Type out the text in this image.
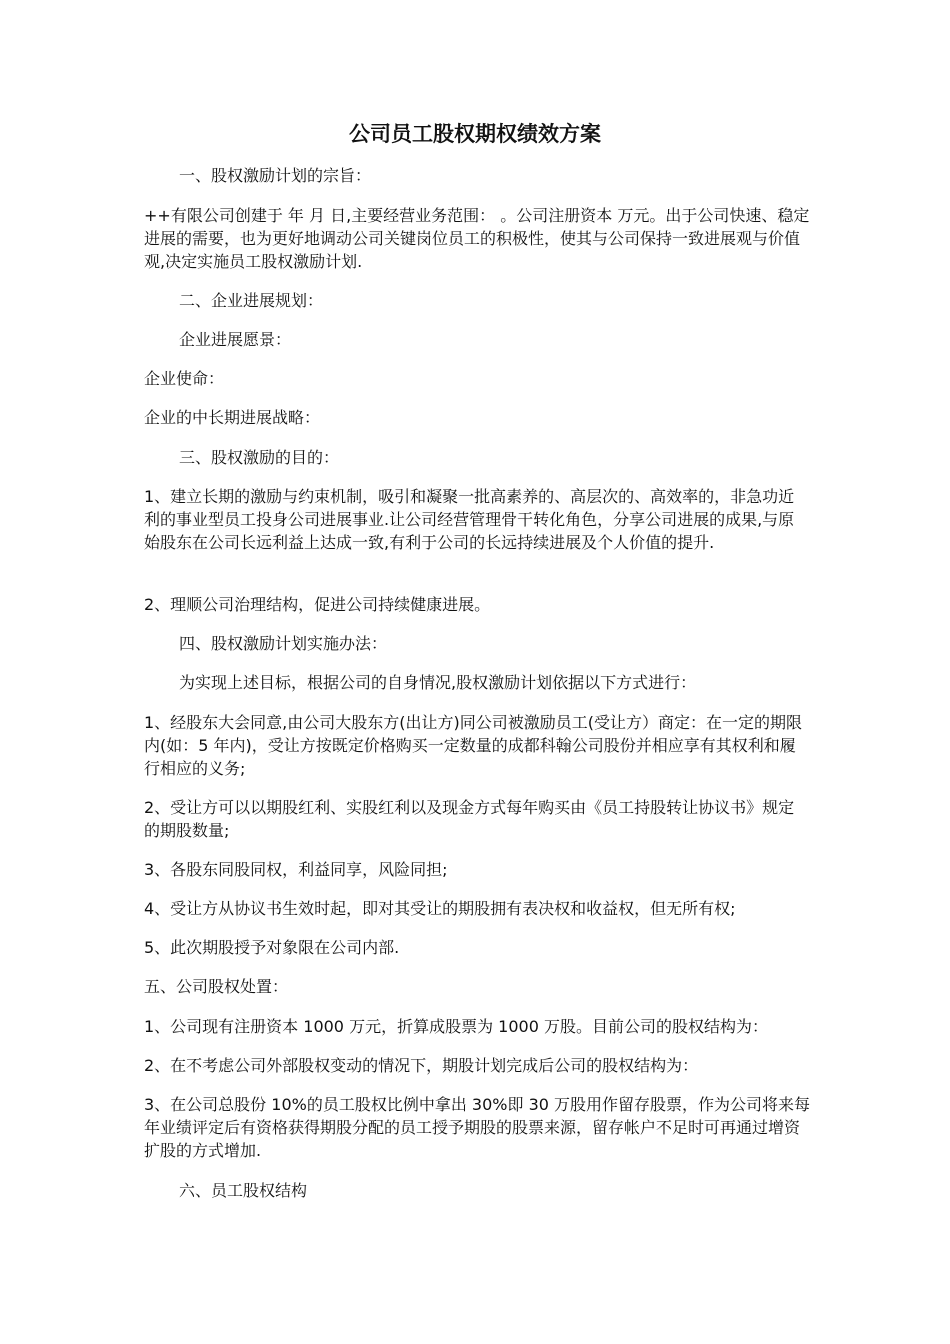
公司员工股权期权绩效方案

一、股权激励计划的宗旨：

++有限公司创建于 年 月 日,主要经营业务范围： 。公司注册资本 万元。出于公司快速、稳定进展的需要，也为更好地调动公司关键岗位员工的积极性，使其与公司保持一致进展观与价值观,决定实施员工股权激励计划.

二、企业进展规划：

企业进展愿景：

企业使命：

企业的中长期进展战略：

三、股权激励的目的：

1、建立长期的激励与约束机制，吸引和凝聚一批高素养的、高层次的、高效率的，非急功近利的事业型员工投身公司进展事业.让公司经营管理骨干转化角色，分享公司进展的成果,与原始股东在公司长远利益上达成一致,有利于公司的长远持续进展及个人价值的提升.

2、理顺公司治理结构，促进公司持续健康进展。

四、股权激励计划实施办法：

为实现上述目标，根据公司的自身情况,股权激励计划依据以下方式进行：

1、经股东大会同意,由公司大股东方(出让方)同公司被激励员工(受让方）商定：在一定的期限内(如：5 年内)，受让方按既定价格购买一定数量的成都科翰公司股份并相应享有其权利和履行相应的义务;

2、受让方可以以期股红利、实股红利以及现金方式每年购买由《员工持股转让协议书》规定的期股数量;

3、各股东同股同权，利益同享，风险同担;

4、受让方从协议书生效时起，即对其受让的期股拥有表决权和收益权，但无所有权;

5、此次期股授予对象限在公司内部.

五、公司股权处置：

1、公司现有注册资本 1000 万元，折算成股票为 1000 万股。目前公司的股权结构为：

2、在不考虑公司外部股权变动的情况下，期股计划完成后公司的股权结构为：

3、在公司总股份 10%的员工股权比例中拿出 30%即 30 万股用作留存股票，作为公司将来每年业绩评定后有资格获得期股分配的员工授予期股的股票来源，留存帐户不足时可再通过增资扩股的方式增加.

六、员工股权结构
